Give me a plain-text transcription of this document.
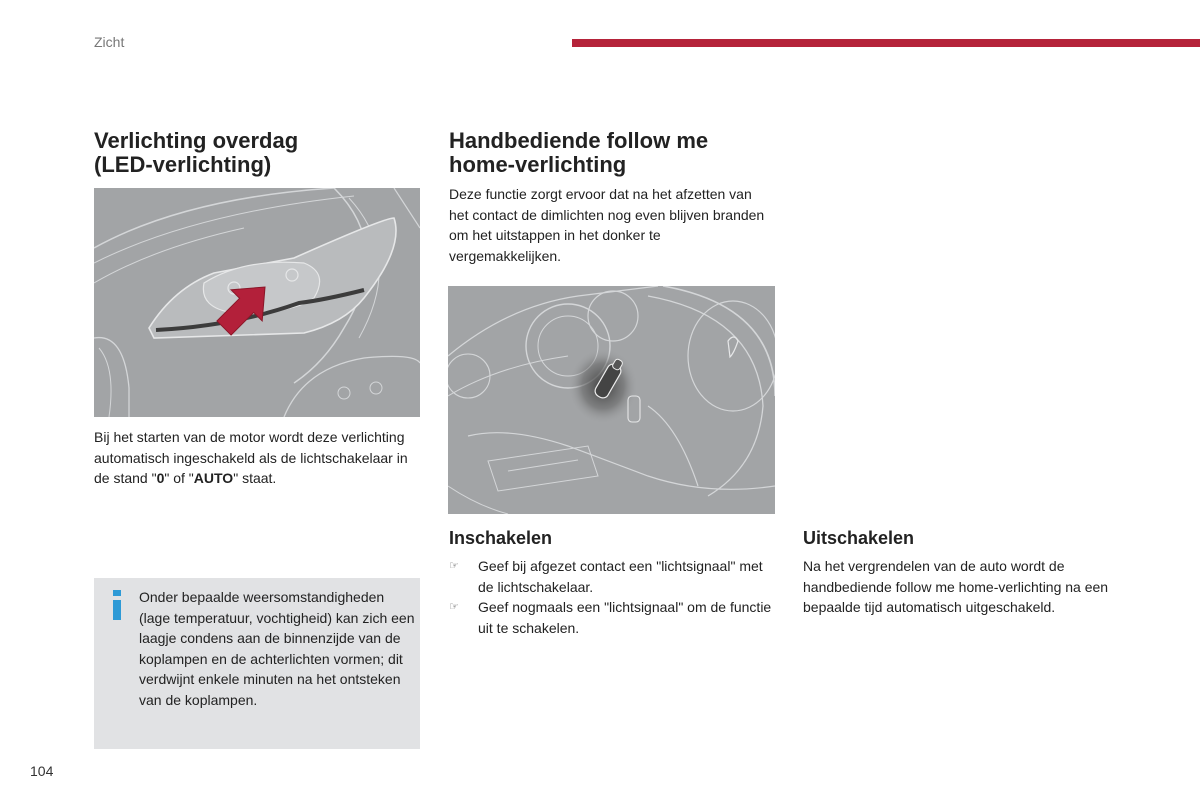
Zicht
Verlichting overdag
(LED-verlichting)
Bij het starten van de motor wordt deze verlichting automatisch ingeschakeld als de lichtschakelaar in de stand "0" of "AUTO" staat.
Onder bepaalde weersomstandigheden (lage temperatuur, vochtigheid) kan zich een laagje condens aan de binnenzijde van de koplampen en de achterlichten vormen; dit verdwijnt enkele minuten na het ontsteken van de koplampen.
Handbediende follow me
home-verlichting
Deze functie zorgt ervoor dat na het afzetten van het contact de dimlichten nog even blijven branden om het uitstappen in het donker te vergemakkelijken.
Inschakelen
☞ Geef bij afgezet contact een "lichtsignaal" met de lichtschakelaar.
☞ Geef nogmaals een "lichtsignaal" om de functie uit te schakelen.
Uitschakelen
Na het vergrendelen van de auto wordt de handbediende follow me home-verlichting na een bepaalde tijd automatisch uitgeschakeld.
104
